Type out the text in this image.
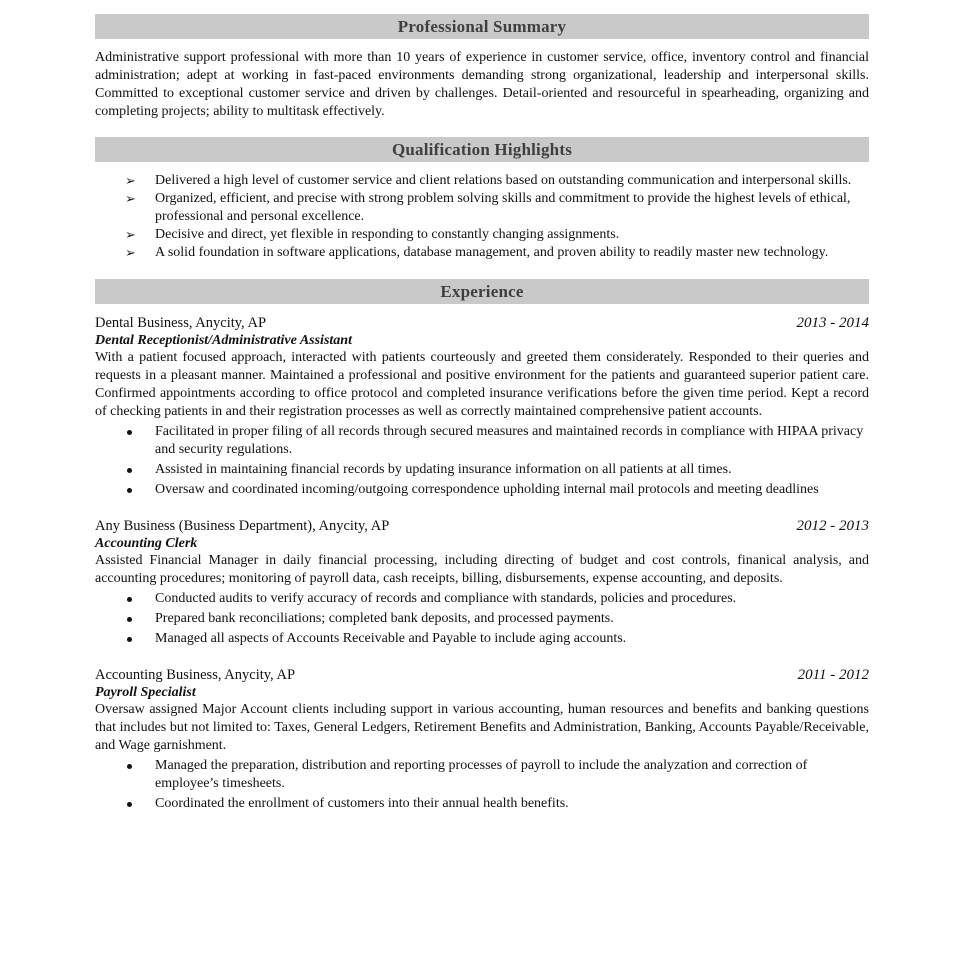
Professional Summary

Administrative support professional with more than 10 years of experience in customer service, office, inventory control and financial administration; adept at working in fast-paced environments demanding strong organizational, leadership and interpersonal skills. Committed to exceptional customer service and driven by challenges. Detail-oriented and resourceful in spearheading, organizing and completing projects; ability to multitask effectively.

Qualification Highlights
➢ Delivered a high level of customer service and client relations based on outstanding communication and interpersonal skills.
➢ Organized, efficient, and precise with strong problem solving skills and commitment to provide the highest levels of ethical, professional and personal excellence.
➢ Decisive and direct, yet flexible in responding to constantly changing assignments.
➢ A solid foundation in software applications, database management, and proven ability to readily master new technology.
Experience
Dental Business, Anycity, AP	2013 - 2014
Dental Receptionist/Administrative Assistant
With a patient focused approach, interacted with patients courteously and greeted them considerately. Responded to their queries and requests in a pleasant manner. Maintained a professional and positive environment for the patients and guaranteed superior patient care. Confirmed appointments according to office protocol and completed insurance verifications before the given time period. Kept a record of checking patients in and their registration processes as well as correctly maintained comprehensive patient accounts.
Facilitated in proper filing of all records through secured measures and maintained records in compliance with HIPAA privacy and security regulations.
Assisted in maintaining financial records by updating insurance information on all patients at all times.
Oversaw and coordinated incoming/outgoing correspondence upholding internal mail protocols and meeting deadlines
Any Business (Business Department), Anycity, AP	2012 - 2013
Accounting Clerk
Assisted Financial Manager in daily financial processing, including directing of budget and cost controls, finanical analysis, and accounting procedures; monitoring of payroll data, cash receipts, billing, disbursements, expense accounting, and deposits.
Conducted audits to verify accuracy of records and compliance with standards, policies and procedures.
Prepared bank reconciliations; completed bank deposits, and processed payments.
Managed all aspects of Accounts Receivable and Payable to include aging accounts.
Accounting Business, Anycity, AP	2011 - 2012
Payroll Specialist
Oversaw assigned Major Account clients including support in various accounting, human resources and benefits and banking questions that includes but not limited to: Taxes, General Ledgers, Retirement Benefits and Administration, Banking, Accounts Payable/Receivable, and Wage garnishment.
Managed the preparation, distribution and reporting processes of payroll to include the analyzation and correction of employee’s timesheets.
Coordinated the enrollment of customers into their annual health benefits.
